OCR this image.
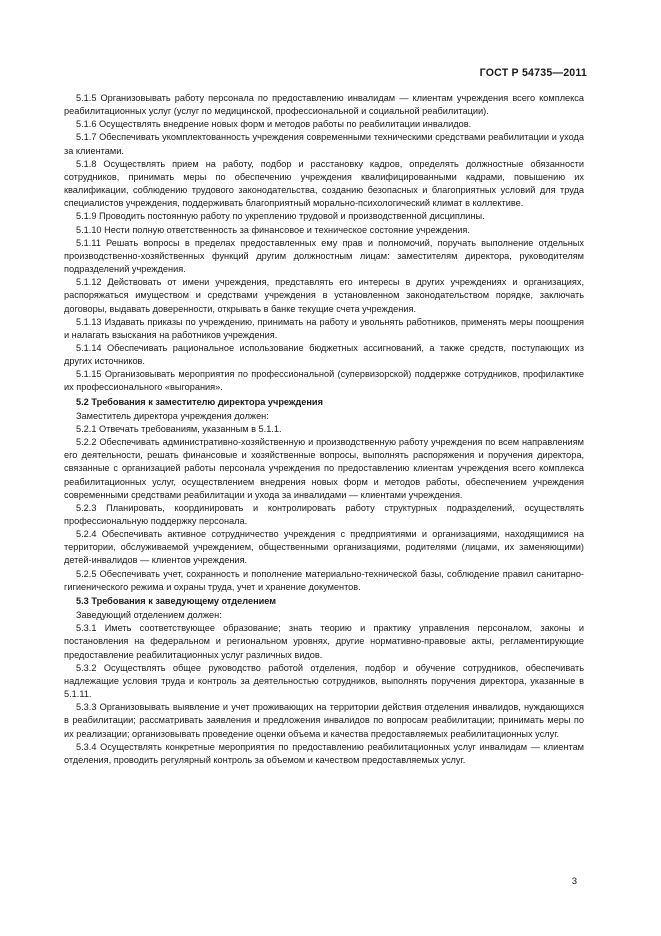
ГОСТ Р 54735—2011

5.1.5 Организовывать работу персонала по предоставлению инвалидам — клиентам учреждения всего комплекса реабилитационных услуг (услуг по медицинской, профессиональной и социальной реабилитации).

5.1.6 Осуществлять внедрение новых форм и методов работы по реабилитации инвалидов.

5.1.7 Обеспечивать укомплектованность учреждения современными техническими средствами реабилитации и ухода за клиентами.

5.1.8 Осуществлять прием на работу, подбор и расстановку кадров, определять должностные обязанности сотрудников, принимать меры по обеспечению учреждения квалифицированными кадрами, повышению их квалификации, соблюдению трудового законодательства, созданию безопасных и благоприятных условий для труда специалистов учреждения, поддерживать благоприятный морально-психологический климат в коллективе.

5.1.9 Проводить постоянную работу по укреплению трудовой и производственной дисциплины.

5.1.10 Нести полную ответственность за финансовое и техническое состояние учреждения.

5.1.11 Решать вопросы в пределах предоставленных ему прав и полномочий, поручать выполнение отдельных производственно-хозяйственных функций другим должностным лицам: заместителям директора, руководителям подразделений учреждения.

5.1.12 Действовать от имени учреждения, представлять его интересы в других учреждениях и организациях, распоряжаться имуществом и средствами учреждения в установленном законодательством порядке, заключать договоры, выдавать доверенности, открывать в банке текущие счета учреждения.

5.1.13 Издавать приказы по учреждению, принимать на работу и увольнять работников, применять меры поощрения и налагать взыскания на работников учреждения.

5.1.14 Обеспечивать рациональное использование бюджетных ассигнований, а также средств, поступающих из других источников.

5.1.15 Организовывать мероприятия по профессиональной (супервизорской) поддержке сотрудников, профилактике их профессионального «выгорания».

5.2 Требования к заместителю директора учреждения

Заместитель директора учреждения должен:

5.2.1 Отвечать требованиям, указанным в 5.1.1.

5.2.2 Обеспечивать административно-хозяйственную и производственную работу учреждения по всем направлениям его деятельности, решать финансовые и хозяйственные вопросы, выполнять распоряжения и поручения директора, связанные с организацией работы персонала учреждения по предоставлению клиентам учреждения всего комплекса реабилитационных услуг, осуществлением внедрения новых форм и методов работы, обеспечением учреждения современными средствами реабилитации и ухода за инвалидами — клиентами учреждения.

5.2.3 Планировать, координировать и контролировать работу структурных подразделений, осуществлять профессиональную поддержку персонала.

5.2.4 Обеспечивать активное сотрудничество учреждения с предприятиями и организациями, находящимися на территории, обслуживаемой учреждением, общественными организациями, родителями (лицами, их заменяющими) детей-инвалидов — клиентов учреждения.

5.2.5 Обеспечивать учет, сохранность и пополнение материально-технической базы, соблюдение правил санитарно-гигиенического режима и охраны труда, учет и хранение документов.

5.3 Требования к заведующему отделением

Заведующий отделением должен:

5.3.1 Иметь соответствующее образование; знать теорию и практику управления персоналом, законы и постановления на федеральном и региональном уровнях, другие нормативно-правовые акты, регламентирующие предоставление реабилитационных услуг различных видов.

5.3.2 Осуществлять общее руководство работой отделения, подбор и обучение сотрудников, обеспечивать надлежащие условия труда и контроль за деятельностью сотрудников, выполнять поручения директора, указанные в 5.1.11.

5.3.3 Организовывать выявление и учет проживающих на территории действия отделения инвалидов, нуждающихся в реабилитации; рассматривать заявления и предложения инвалидов по вопросам реабилитации; принимать меры по их реализации; организовывать проведение оценки объема и качества предоставляемых реабилитационных услуг.

5.3.4 Осуществлять конкретные мероприятия по предоставлению реабилитационных услуг инвалидам — клиентам отделения, проводить регулярный контроль за объемом и качеством предоставляемых услуг.

3
